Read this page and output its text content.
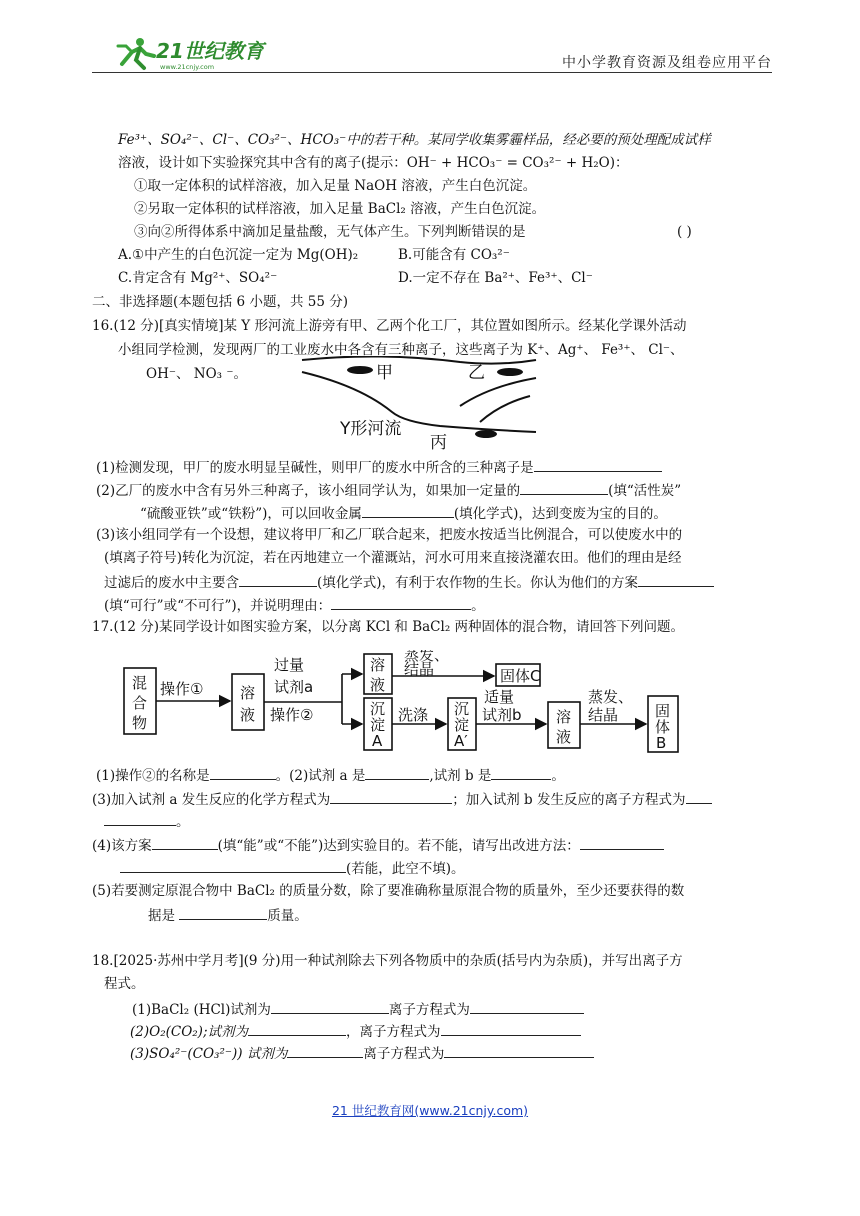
21世纪教育
www.21cnjy.com	中小学教育资源及组卷应用平台
Fe³⁺、SO₄²⁻、Cl⁻、CO₃²⁻、HCO₃⁻中的若干种。某同学收集雾霾样品，经必要的预处理配成试样
溶液，设计如下实验探究其中含有的离子(提示：OH⁻ + HCO₃⁻ = CO₃²⁻ + H₂O)：
①取一定体积的试样溶液，加入足量 NaOH 溶液，产生白色沉淀。
②另取一定体积的试样溶液，加入足量 BaCl₂ 溶液，产生白色沉淀。
③向②所得体系中滴加足量盐酸，无气体产生。下列判断错误的是	( )
A.①中产生的白色沉淀一定为 Mg(OH)₂	B.可能含有 CO₃²⁻
C.肯定含有 Mg²⁺、SO₄²⁻	D.一定不存在 Ba²⁺、Fe³⁺、Cl⁻
二、非选择题(本题包括 6 小题，共 55 分)
16.(12 分)[真实情境]某 Y 形河流上游旁有甲、乙两个化工厂，其位置如图所示。经某化学课外活动
小组同学检测，发现两厂的工业废水中各含有三种离子，这些离子为 K⁺、Ag⁺、 Fe³⁺、 Cl⁻、
OH⁻、 NO₃ ⁻。	甲	乙
Y形河流
丙
(1)检测发现，甲厂的废水明显呈碱性，则甲厂的废水中所含的三种离子是
(2)乙厂的废水中含有另外三种离子，该小组同学认为，如果加一定量的	(填“活性炭”
“硫酸亚铁”或“铁粉”)，可以回收金属	(填化学式)，达到变废为宝的目的。
(3)该小组同学有一个设想，建议将甲厂和乙厂联合起来，把废水按适当比例混合，可以使废水中的
(填离子符号)转化为沉淀，若在丙地建立一个灌溉站，河水可用来直接浇灌农田。他们的理由是经
过滤后的废水中主要含	(填化学式)，有利于农作物的生长。你认为他们的方案
(填“可行”或“不可行”)，并说明理由：	。
17.(12 分)某同学设计如图实验方案，以分离 KCl 和 BaCl₂ 两种固体的混合物，请回答下列问题。
混
合
物
操作① 溶
液
过量
试剂a
操作②
溶
液
蒸发、
结晶	固体C
沉
淀
A
洗涤 沉
淀
A′
适量
试剂b 溶
液
蒸发、
结晶 固
体
B
(1)操作②的名称是	。(2)试剂 a 是	,试剂 b 是	。
(3)加入试剂 a 发生反应的化学方程式为	；加入试剂 b 发生反应的离子方程式为
。
(4)该方案	(填“能”或“不能”)达到实验目的。若不能，请写出改进方法：
(若能，此空不填)。
(5)若要测定原混合物中 BaCl₂ 的质量分数，除了要准确称量原混合物的质量外，至少还要获得的数
据是	质量。
18.[2025·苏州中学月考](9 分)用一种试剂除去下列各物质中的杂质(括号内为杂质)，并写出离子方
程式。
(1)BaCl₂ (HCl)试剂为	离子方程式为
(2)O₂(CO₂);试剂为	，离子方程式为
(3)SO₄²⁻(CO₃²⁻)) 试剂为	离子方程式为
21 世纪教育网(www.21cnjy.com)
